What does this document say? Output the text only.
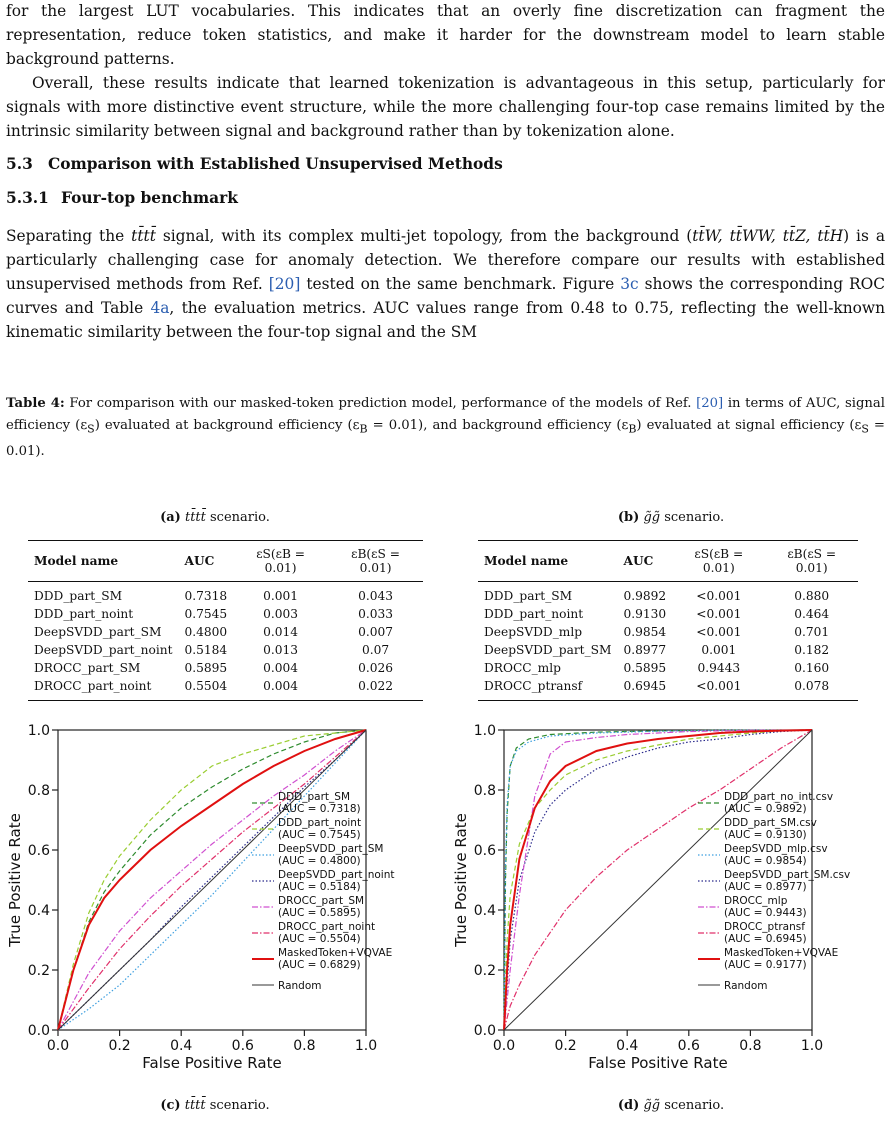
for the largest LUT vocabularies. This indicates that an overly fine discretization can fragment the representation, reduce token statistics, and make it harder for the downstream model to learn stable background patterns.

Overall, these results indicate that learned tokenization is advantageous in this setup, particularly for signals with more distinctive event structure, while the more challenging four-top case remains limited by the intrinsic similarity between signal and background rather than by tokenization alone.

5.3 Comparison with Established Unsupervised Methods
5.3.1 Four-top benchmark

Separating the tt̄tt̄ signal, with its complex multi-jet topology, from the background (tt̄W, tt̄WW, tt̄Z, tt̄H) is a particularly challenging case for anomaly detection. We therefore compare our results with established unsupervised methods from Ref. [20] tested on the same benchmark. Figure 3c shows the corresponding ROC curves and Table 4a, the evaluation metrics. AUC values range from 0.48 to 0.75, reflecting the well-known kinematic similarity between the four-top signal and the SM

Table 4: For comparison with our masked-token prediction model, performance of the models of Ref. [20] in terms of AUC, signal efficiency $(\varepsilon_S)$ evaluated at background efficiency $(\varepsilon_B = 0.01)$, and background efficiency $(\varepsilon_B)$ evaluated at signal efficiency $(\varepsilon_S = 0.01)$.

(a) tt̄tt̄ scenario.	(b) g̃g̃ scenario.
Model name	AUC	εS(εB = 0.01)	εB(εS = 0.01)
DDD_part_SM	0.7318	0.001	0.043
DDD_part_noint	0.7545	0.003	0.033
DeepSVDD_part_SM	0.4800	0.014	0.007
DeepSVDD_part_noint	0.5184	0.013	0.07
DROCC_part_SM	0.5895	0.004	0.026
DROCC_part_noint	0.5504	0.004	0.022
Model name	AUC	εS(εB = 0.01)	εB(εS = 0.01)
DDD_part_SM	0.9892	<0.001	0.880
DDD_part_noint	0.9130	<0.001	0.464
DeepSVDD_mlp	0.9854	<0.001	0.701
DeepSVDD_part_SM	0.8977	0.001	0.182
DROCC_mlp	0.5895	0.9443	0.160
DROCC_ptransf	0.6945	<0.001	0.078
0.0
0.0
0.2
0.2
0.4
0.4
0.6
0.6
0.8
0.8
1.0
1.0
False Positive Rate
True Positive Rate
DDD_part_SM
(AUC = 0.7318)
DDD_part_noint
(AUC = 0.7545)
DeepSVDD_part_SM
(AUC = 0.4800)
DeepSVDD_part_noint
(AUC = 0.5184)
DROCC_part_SM
(AUC = 0.5895)
DROCC_part_noint
(AUC = 0.5504)
MaskedToken+VQVAE
(AUC = 0.6829)
Random
0.0
0.0
0.2
0.2
0.4
0.4
0.6
0.6
0.8
0.8
1.0
1.0
False Positive Rate
True Positive Rate
DDD_part_no_int.csv
(AUC = 0.9892)
DDD_part_SM.csv
(AUC = 0.9130)
DeepSVDD_mlp.csv
(AUC = 0.9854)
DeepSVDD_part_SM.csv
(AUC = 0.8977)
DROCC_mlp
(AUC = 0.9443)
DROCC_ptransf
(AUC = 0.6945)
MaskedToken+VQVAE
(AUC = 0.9177)
Random
(c) tt̄tt̄ scenario.	(d) g̃g̃ scenario.
